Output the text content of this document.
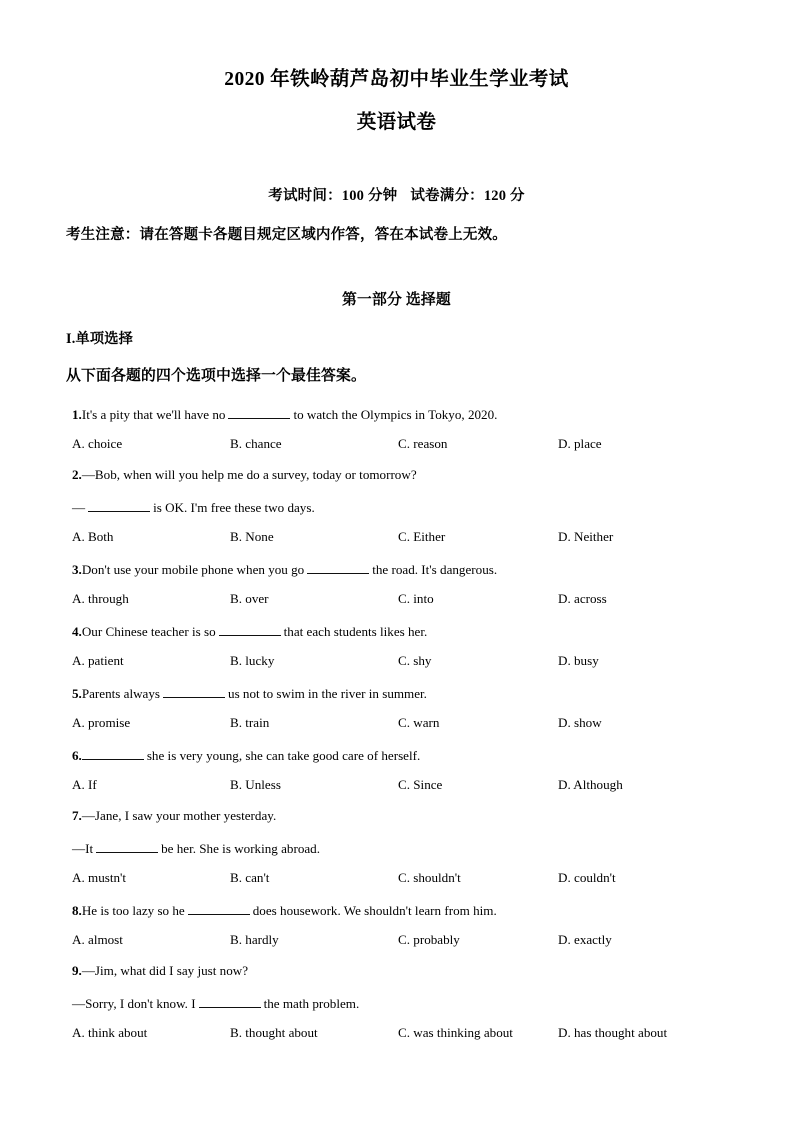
2020 年铁岭葫芦岛初中毕业生学业考试
英语试卷

考试时间：100 分钟 试卷满分：120 分

考生注意：请在答题卡各题目规定区域内作答，答在本试卷上无效。

第一部分 选择题

I.单项选择

从下面各题的四个选项中选择一个最佳答案。

1.It's a pity that we'll have no	to watch the Olympics in Tokyo, 2020.
A. choice	B. chance	C. reason	D. place
2.—Bob, when will you help me do a survey, today or tomorrow?
—	is OK. I'm free these two days.
A. Both	B. None	C. Either	D. Neither
3.Don't use your mobile phone when you go	the road. It's dangerous.
A. through	B. over	C. into	D. across
4.Our Chinese teacher is so	that each students likes her.
A. patient	B. lucky	C. shy	D. busy
5.Parents always	us not to swim in the river in summer.
A. promise	B. train	C. warn	D. show
6.	she is very young, she can take good care of herself.
A. If	B. Unless	C. Since	D. Although
7.—Jane, I saw your mother yesterday.
—It	be her. She is working abroad.
A. mustn't	B. can't	C. shouldn't	D. couldn't
8.He is too lazy so he	does housework. We shouldn't learn from him.
A. almost	B. hardly	C. probably	D. exactly
9.—Jim, what did I say just now?
—Sorry, I don't know. I	the math problem.
A. think about	B. thought about	C. was thinking about	D. has thought about
